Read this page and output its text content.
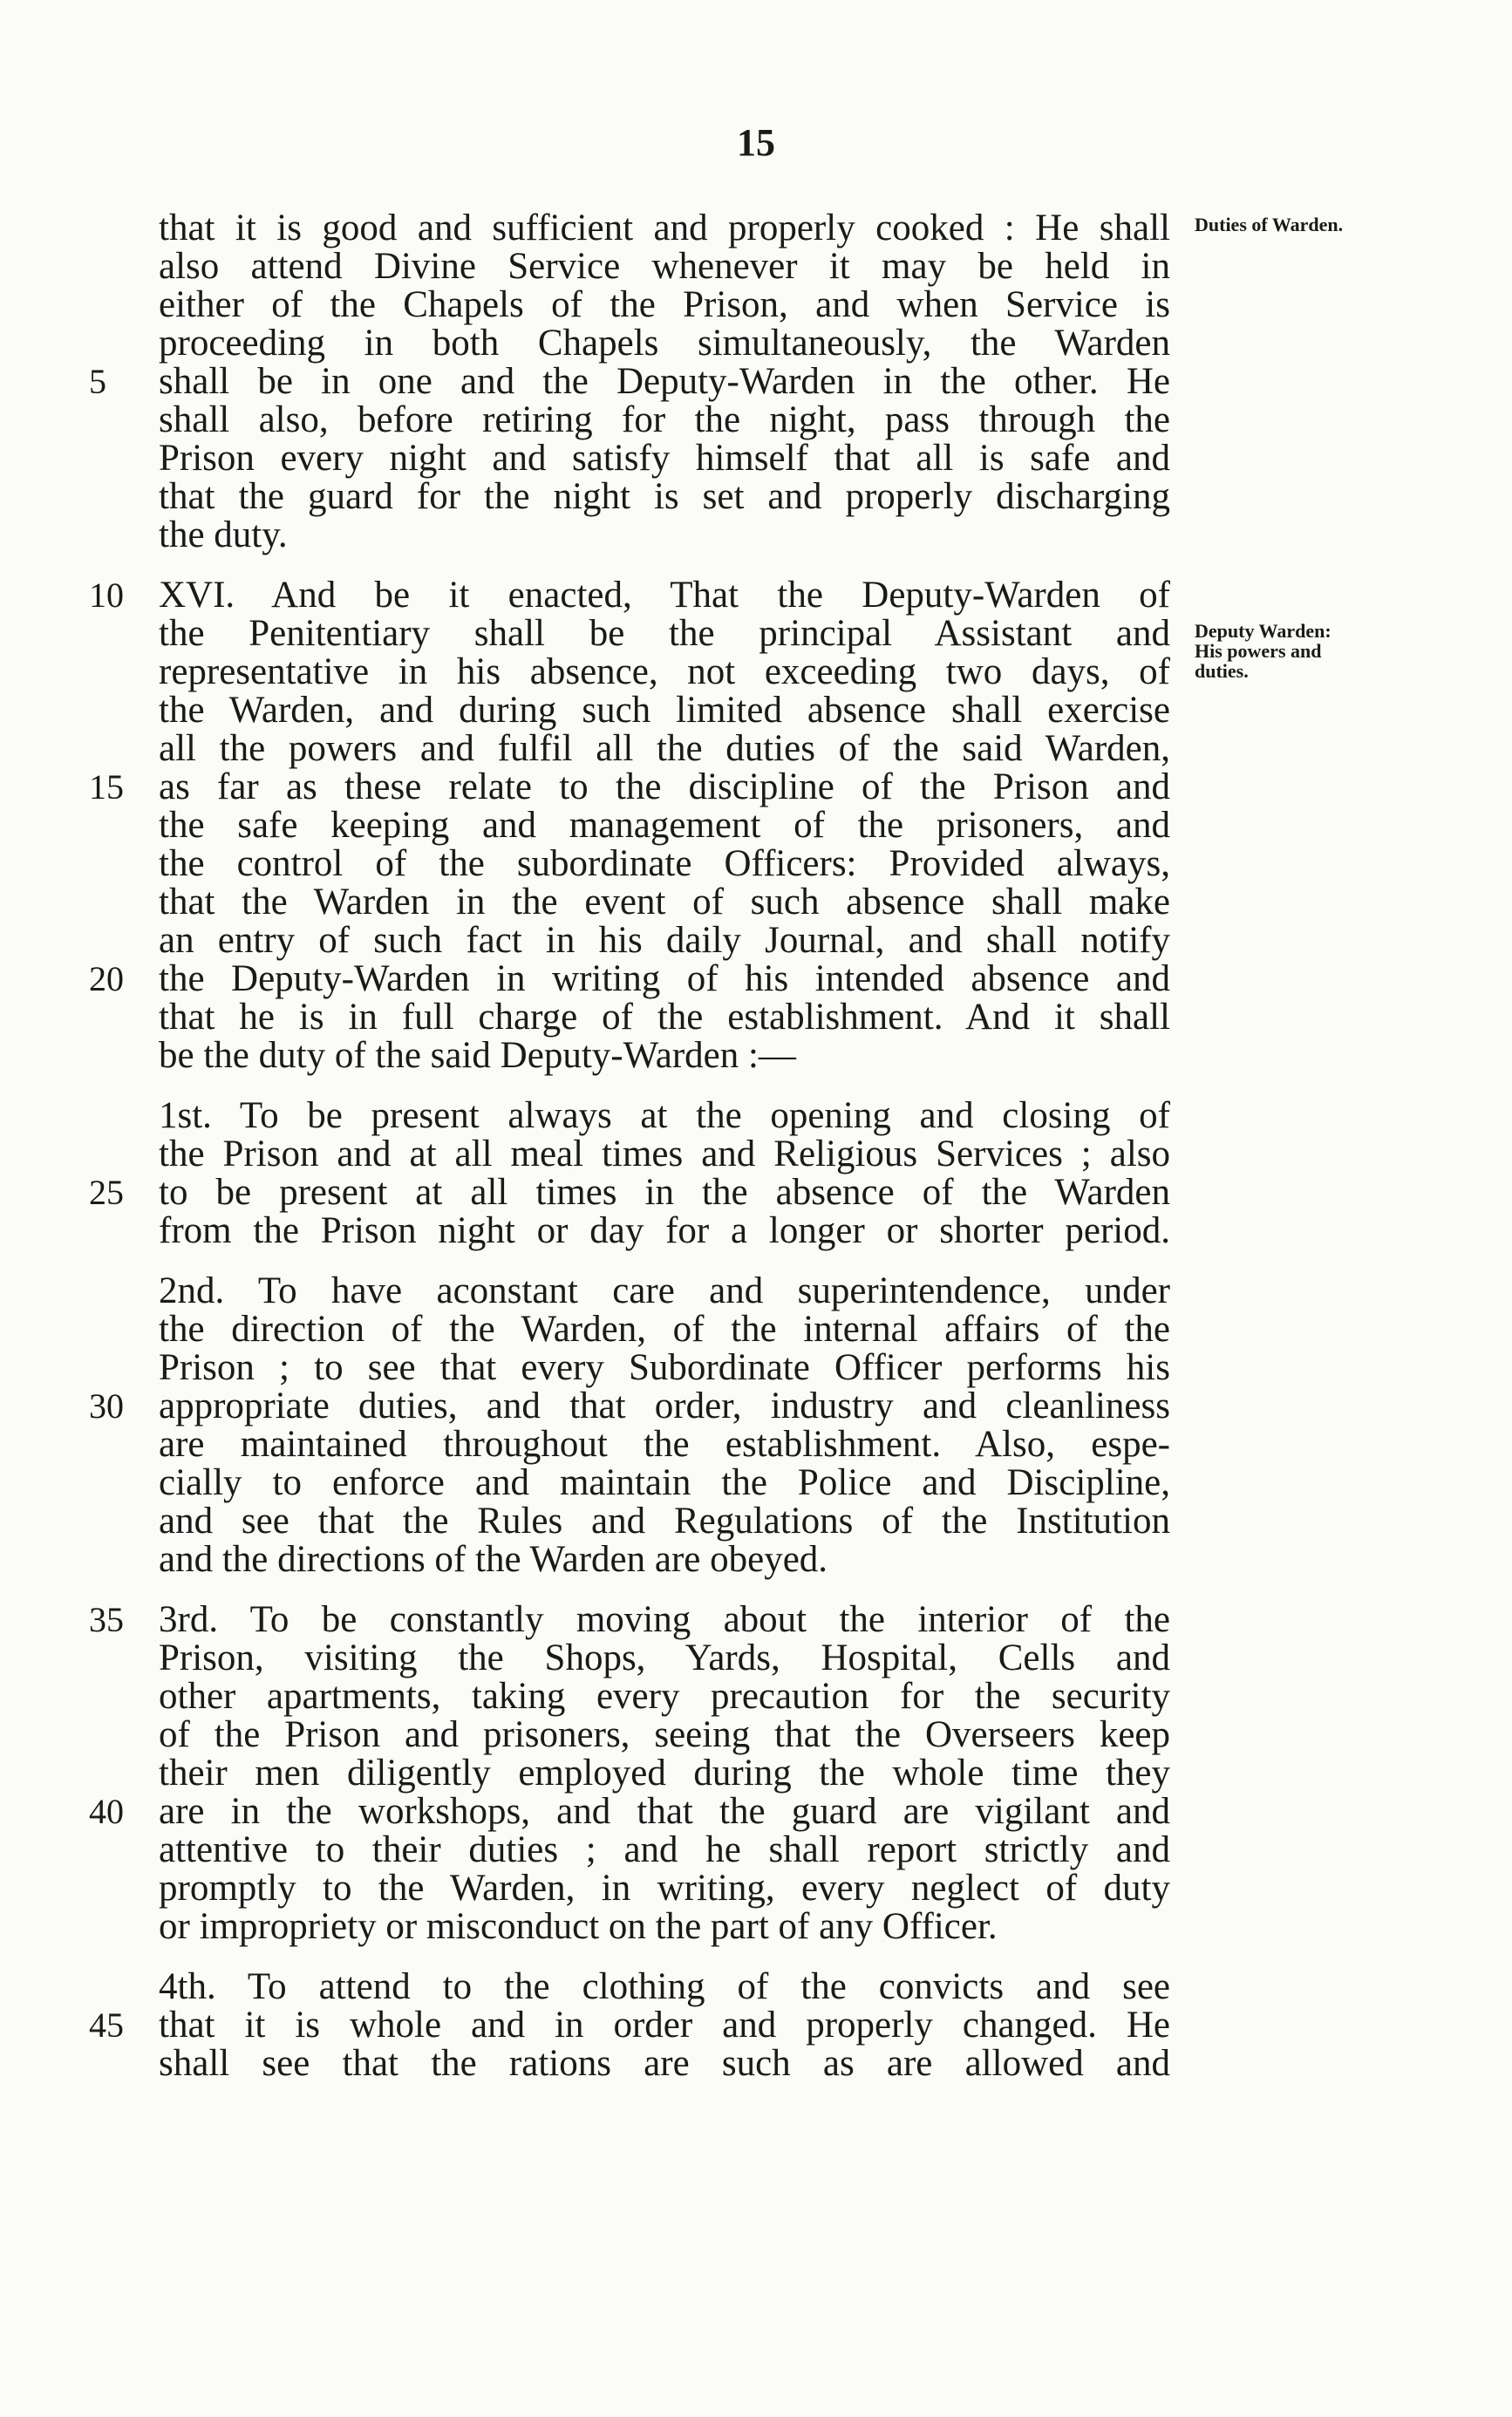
15
Duties of Warden.
Deputy Warden: His powers and duties.
that it is good and sufficient and properly cooked : He shall
also attend Divine Service whenever it may be held in
either of the Chapels of the Prison, and when Service is
proceeding in both Chapels simultaneously, the Warden
5	shall be in one and the Deputy-Warden in the other. He
shall also, before retiring for the night, pass through the
Prison every night and satisfy himself that all is safe and
that the guard for the night is set and properly discharging
the duty.
10 XVI. And be it enacted, That the Deputy-Warden of
the Penitentiary shall be the principal Assistant and
representative in his absence, not exceeding two days, of
the Warden, and during such limited absence shall exercise
all the powers and fulfil all the duties of the said Warden,
15 as far as these relate to the discipline of the Prison and
the safe keeping and management of the prisoners, and
the control of the subordinate Officers: Provided always,
that the Warden in the event of such absence shall make
an entry of such fact in his daily Journal, and shall notify
20 the Deputy-Warden in writing of his intended absence and
that he is in full charge of the establishment. And it shall
be the duty of the said Deputy-Warden :—
1st. To be present always at the opening and closing of
the Prison and at all meal times and Religious Services ; also
25 to be present at all times in the absence of the Warden
from the Prison night or day for a longer or shorter period.
2nd. To have aconstant care and superintendence, under
the direction of the Warden, of the internal affairs of the
Prison ; to see that every Subordinate Officer performs his
30 appropriate duties, and that order, industry and cleanliness
are maintained throughout the establishment. Also, espe-
cially to enforce and maintain the Police and Discipline,
and see that the Rules and Regulations of the Institution
and the directions of the Warden are obeyed.
35 3rd. To be constantly moving about the interior of the
Prison, visiting the Shops, Yards, Hospital, Cells and
other apartments, taking every precaution for the security
of the Prison and prisoners, seeing that the Overseers keep
their men diligently employed during the whole time they
40 are in the workshops, and that the guard are vigilant and
attentive to their duties ; and he shall report strictly and
promptly to the Warden, in writing, every neglect of duty
or impropriety or misconduct on the part of any Officer.
4th. To attend to the clothing of the convicts and see
45 that it is whole and in order and properly changed. He
shall see that the rations are such as are allowed and
